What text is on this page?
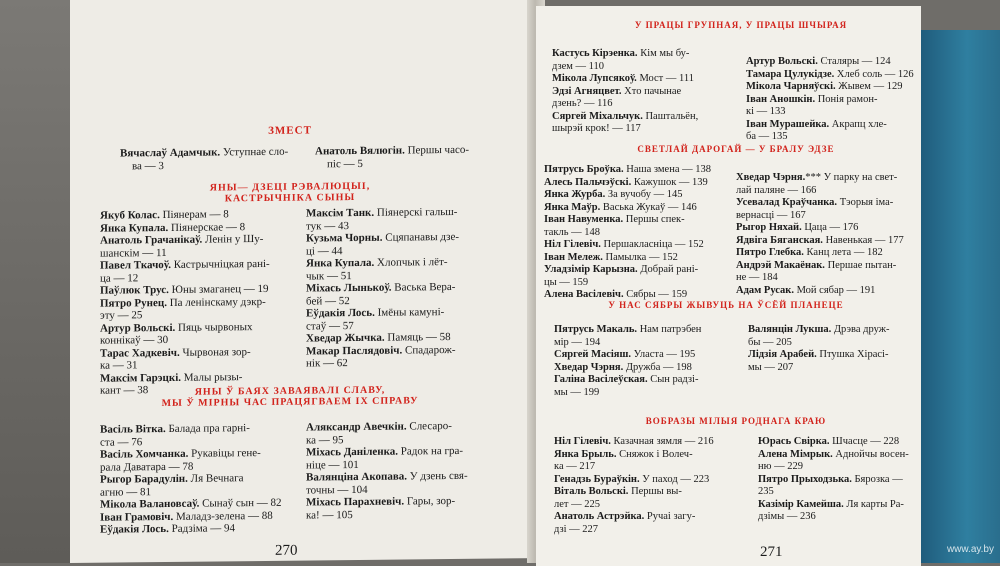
ЗМЕСТ
Вячаслаў Адамчык. Уступнае сло-
ва — 3
Анатоль Вялюгін. Першы часо-
піс — 5
ЯНЫ— ДЗЕЦІ РЭВАЛЮЦЫІ,
КАСТРЫЧНІКА СЫНЫ
Якуб Колас. Піянерам — 8
Янка Купала. Піянерскае — 8
Анатоль Грачанікаў. Ленін у Шу-
шанскім — 11
Павел Ткачоў. Кастрычніцкая рані-
ца — 12
Паўлюк Трус. Юны змаганец — 19
Пятро Рунец. Па ленінскаму дэкр-
эту — 25
Артур Вольскі. Пяць чырвоных
коннікаў — 30
Тарас Хадкевіч. Чырвоная зор-
ка — 31
Максім Гарэцкі. Малы рызы-
кант — 38
Максім Танк. Піянерскі гальш-
тук — 43
Кузьма Чорны. Сцяпанавы дзе-
ці — 44
Янка Купала. Хлопчык і лёт-
чык — 51
Міхась Лынькоў. Васька Вера-
бей — 52
Еўдакія Лось. Імёны камуні-
стаў — 57
Хведар Жычка. Памяць — 58
Макар Паслядовіч. Спадарож-
нік — 62
ЯНЫ Ў БАЯХ ЗАВАЯВАЛІ СЛАВУ,
МЫ Ў МІРНЫ ЧАС ПРАЦЯГВАЕМ ІХ СПРАВУ
Васіль Вітка. Балада пра гарні-
ста — 76
Васіль Хомчанка. Рукавіцы гене-
рала Даватара — 78
Рыгор Барадулін. Ля Вечнага
агню — 81
Мікола Валановсаў. Сынаў сын — 82
Іван Грамовіч. Маладз-зелена — 88
Еўдакія Лось. Радзіма — 94
Аляксандр Авечкін. Слесаро-
ка — 95
Міхась Даніленка. Радок на гра-
ніце — 101
Валянціна Акопава. У дзень свя-
точны — 104
Міхась Парахневіч. Гары, зор-
ка! — 105
270
У ПРАЦЫ ГРУПНАЯ, У ПРАЦЫ ШЧЫРАЯ
Кастусь Кірэенка. Кім мы бу-
дзем — 110
Мікола Лупсякоў. Мост — 111
Эдзі Агняцвет. Хто пачынае
дзень? — 116
Сяргей Міхальчук. Паштальён,
шырэй крок! — 117
Артур Вольскі. Сталяры — 124
Тамара Цулукідзе. Хлеб соль — 126
Мікола Чарняўскі. Жывем — 129
Іван Аношкін. Понія рамон-
кі — 133
Іван Мурашейка. Акрапц хле-
ба — 135
СВЕТЛАЙ ДАРОГАЙ — У БРАЛУ ЭДЗЕ
Пятрусь Броўка. Наша змена — 138
Алесь Пальчэўскі. Кажушок — 139
Янка Журба. За вучобу — 145
Янка Маўр. Васька Жукаў — 146
Іван Навуменка. Першы спек-
такль — 148
Ніл Гілевіч. Першакласніца — 152
Іван Мележ. Памылка — 152
Уладзімір Карызна. Добрай рані-
цы — 159
Алена Васілевіч. Сябры — 159
Хведар Чэрня.*** У парку на свет-
лай паляне — 166
Усевалад Краўчанка. Тэорыя іма-
вернасці — 167
Рыгор Няхай. Цаца — 176
Ядвіга Бяганская. Навенькая — 177
Пятро Глебка. Канц лета — 182
Андрэй Макаёнак. Першае пытан-
не — 184
Адам Русак. Мой сябар — 191
У НАС СЯБРЫ ЖЫВУЦЬ НА ЎСЁЙ ПЛАНЕЦЕ
Пятрусь Макаль. Нам патрэбен
мір — 194
Сяргей Масіяш. Уласта — 195
Хведар Чэрня. Дружба — 198
Галіна Васілеўская. Сын радзі-
мы — 199
Валянцін Лукша. Дрэва друж-
бы — 205
Лідзія Арабей. Птушка Хірасі-
мы — 207
ВОБРАЗЫ МІЛЫЯ РОДНАГА КРАЮ
Ніл Гілевіч. Казачная зямля — 216
Янка Брыль. Сняжок і Волеч-
ка — 217
Генадзь Бураўкін. У паход — 223
Віталь Вольскі. Першы вы-
лет — 225
Анатоль Астрэйка. Ручаі загу-
дзі — 227
Юрась Свірка. Шчасце — 228
Алена Мімрык. Аднойчы восен-
ню — 229
Пятро Прыходзька. Бярозка —
235
Казімір Камейша. Ля карты Ра-
дзімы — 236
271	www.ay.by
